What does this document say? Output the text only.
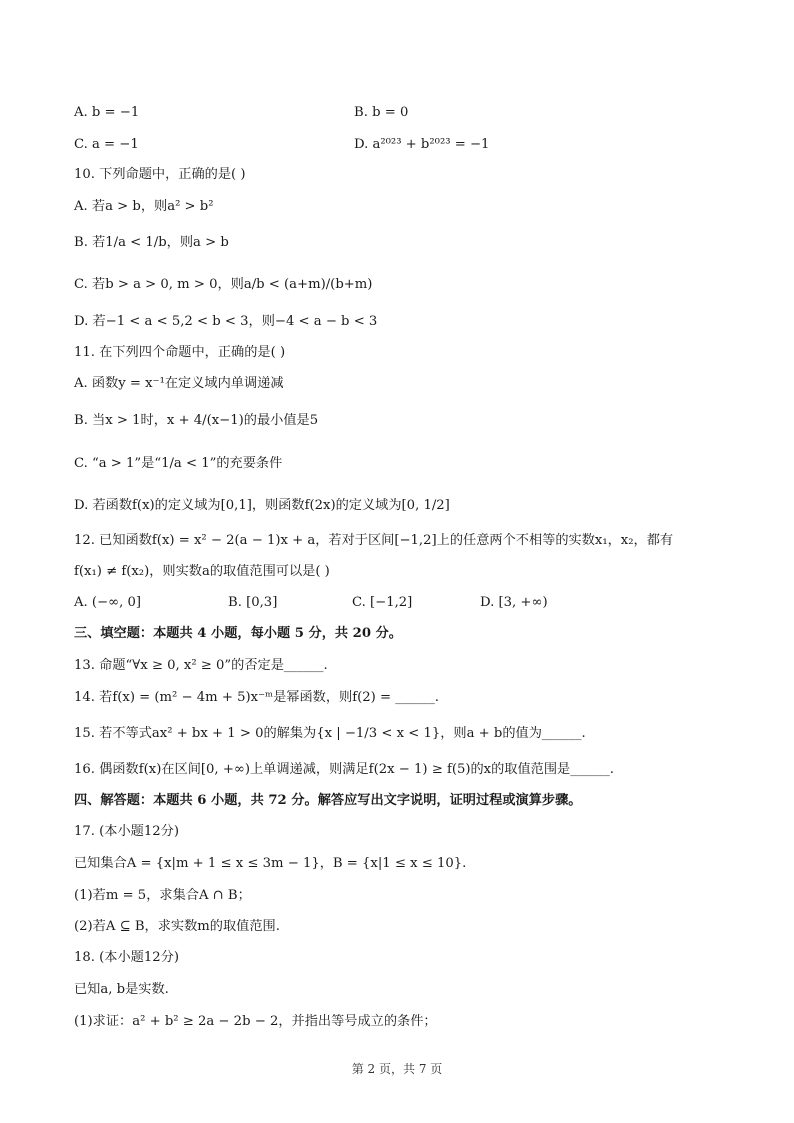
A. b = −1	B. b = 0
C. a = −1	D. a²⁰²³ + b²⁰²³ = −1
10. 下列命题中，正确的是( )
A. 若a > b，则a² > b²
B. 若1/a < 1/b，则a > b
C. 若b > a > 0, m > 0，则a/b < (a+m)/(b+m)
D. 若−1 < a < 5,2 < b < 3，则−4 < a − b < 3
11. 在下列四个命题中，正确的是( )
A. 函数y = x⁻¹在定义域内单调递减
B. 当x > 1时，x + 4/(x−1)的最小值是5
C. “a > 1”是“1/a < 1”的充要条件
D. 若函数f(x)的定义域为[0,1]，则函数f(2x)的定义域为[0, 1/2]
12. 已知函数f(x) = x² − 2(a − 1)x + a，若对于区间[−1,2]上的任意两个不相等的实数x₁，x₂，都有
f(x₁) ≠ f(x₂)，则实数a的取值范围可以是( )
A. (−∞, 0]	B. [0,3]	C. [−1,2]	D. [3, +∞)
三、填空题：本题共 4 小题，每小题 5 分，共 20 分。
13. 命题“∀x ≥ 0, x² ≥ 0”的否定是______.
14. 若f(x) = (m² − 4m + 5)x⁻ᵐ是幂函数，则f(2) = ______.
15. 若不等式ax² + bx + 1 > 0的解集为{x | −1/3 < x < 1}，则a + b的值为______.
16. 偶函数f(x)在区间[0, +∞)上单调递减，则满足f(2x − 1) ≥ f(5)的x的取值范围是______.
四、解答题：本题共 6 小题，共 72 分。解答应写出文字说明，证明过程或演算步骤。
17. (本小题12分)
已知集合A = {x|m + 1 ≤ x ≤ 3m − 1}，B = {x|1 ≤ x ≤ 10}.
(1)若m = 5，求集合A ∩ B；
(2)若A ⊆ B，求实数m的取值范围.
18. (本小题12分)
已知a, b是实数.
(1)求证：a² + b² ≥ 2a − 2b − 2，并指出等号成立的条件；
第 2 页，共 7 页
